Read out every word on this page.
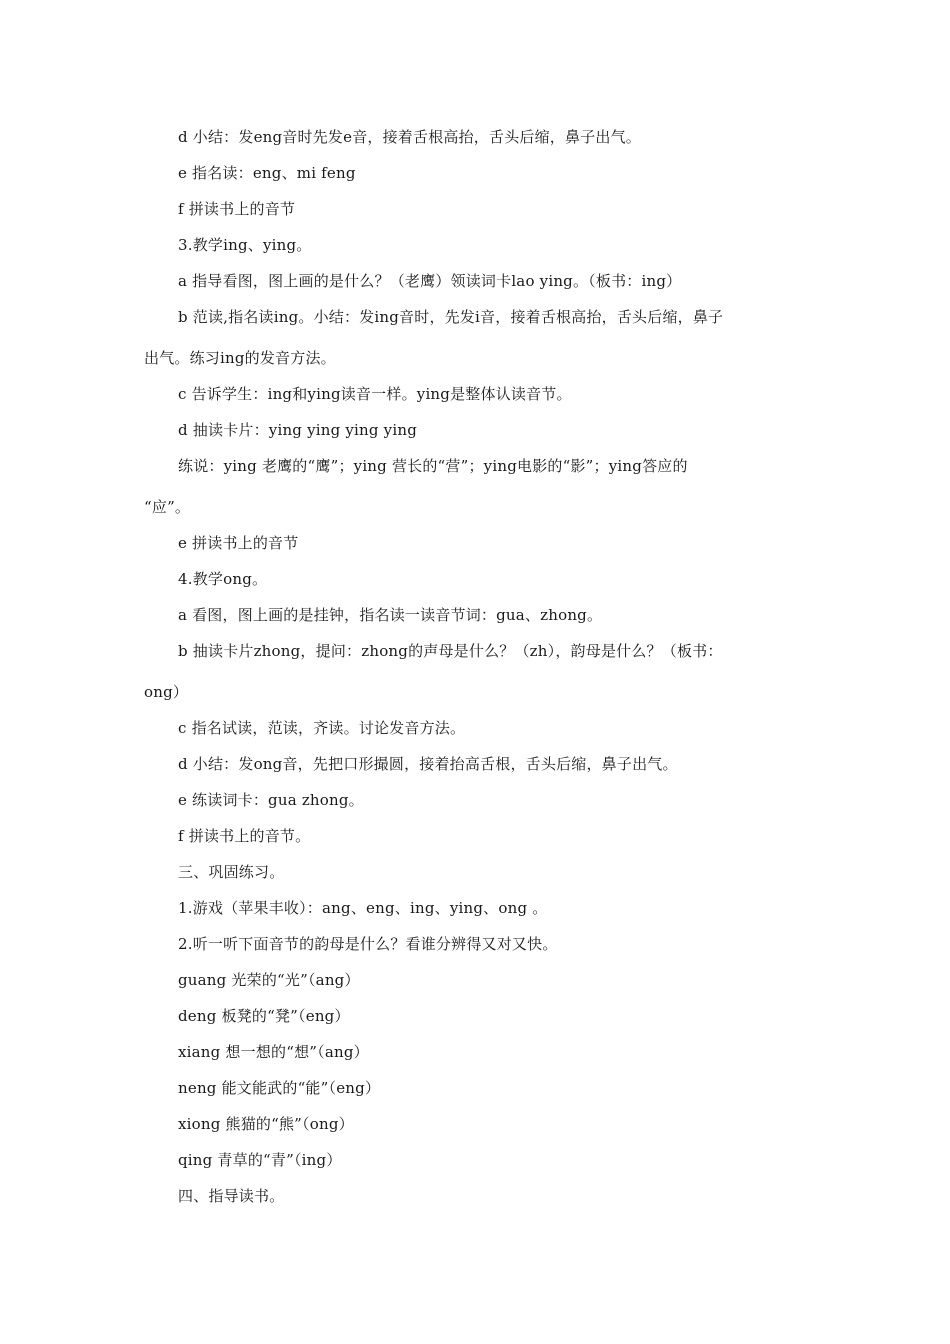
d 小结：发eng音时先发e音，接着舌根高抬，舌头后缩，鼻子出气。
e 指名读：eng、mi feng
f 拼读书上的音节
3.教学ing、ying。
a 指导看图，图上画的是什么？（老鹰）领读词卡lao ying。（板书：ing）
b 范读,指名读ing。小结：发ing音时，先发i音，接着舌根高抬，舌头后缩，鼻子
出气。练习ing的发音方法。
c 告诉学生：ing和ying读音一样。ying是整体认读音节。
d 抽读卡片：ying ying ying ying
练说：ying 老鹰的“鹰”；ying 营长的“营”；ying电影的“影”；ying答应的
“应”。
e 拼读书上的音节
4.教学ong。
a 看图，图上画的是挂钟，指名读一读音节词：gua、zhong。
b 抽读卡片zhong，提问：zhong的声母是什么？（zh），韵母是什么？（板书：
ong）
c 指名试读，范读，齐读。讨论发音方法。
d 小结：发ong音，先把口形撮圆，接着抬高舌根，舌头后缩，鼻子出气。
e 练读词卡：gua zhong。
f 拼读书上的音节。
三、巩固练习。
1.游戏（苹果丰收）：ang、eng、ing、ying、ong 。
2.听一听下面音节的韵母是什么？看谁分辨得又对又快。
guang 光荣的“光”（ang）
deng 板凳的“凳”（eng）
xiang 想一想的“想”（ang）
neng 能文能武的“能”（eng）
xiong 熊猫的“熊”（ong）
qing 青草的“青”（ing）
四、指导读书。
